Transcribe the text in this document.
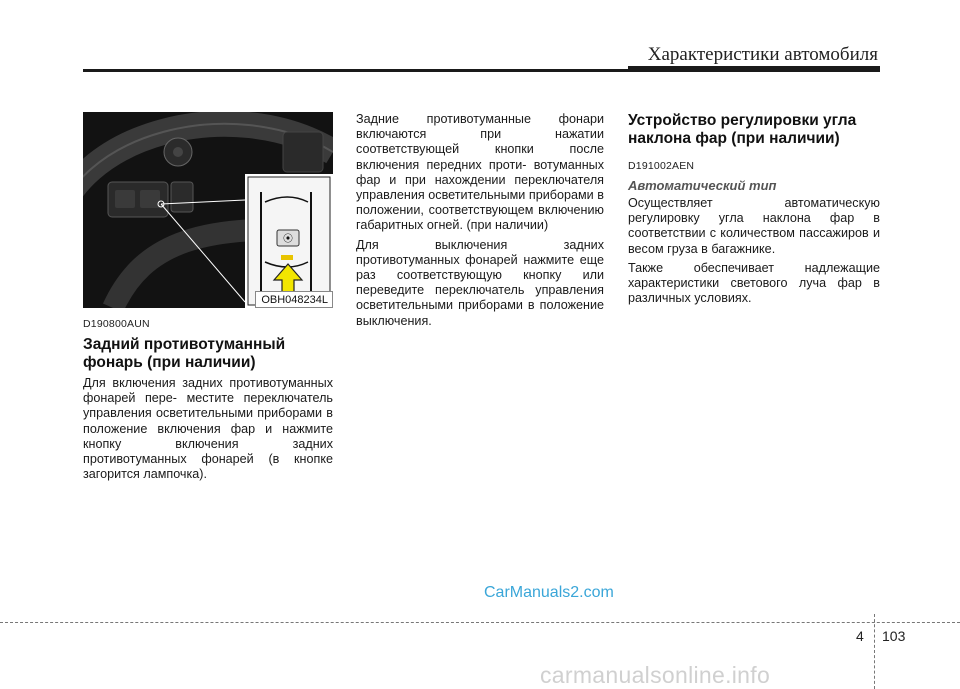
Характеристики автомобиля
⦿
OBH048234L
D190800AUN
Задний противотуманный фонарь (при наличии)

Для включения задних противотуманных фонарей пере- местите переключатель управления осветительными приборами в положение включения фар и нажмите кнопку включения задних противотуманных фонарей (в кнопке загорится лампочка).

Задние противотуманные фонари включаются при нажатии соответствующей кнопки после включения передних проти- вотуманных фар и при нахождении переключателя управления осветительными приборами в положении, соответствующем включению габаритных огней. (при наличии)

Для выключения задних противотуманных фонарей нажмите еще раз соответствующую кнопку или переведите переключатель управления осветительными приборами в положение выключения.

Устройство регулировки угла наклона фар (при наличии)
D191002AEN
Автоматический тип

Осуществляет автоматическую регулировку угла наклона фар в соответствии с количеством пассажиров и весом груза в багажнике.

Также обеспечивает надлежащие характеристики светового луча фар в различных условиях.

CarManuals2.com
4 103
carmanualsonline.info
